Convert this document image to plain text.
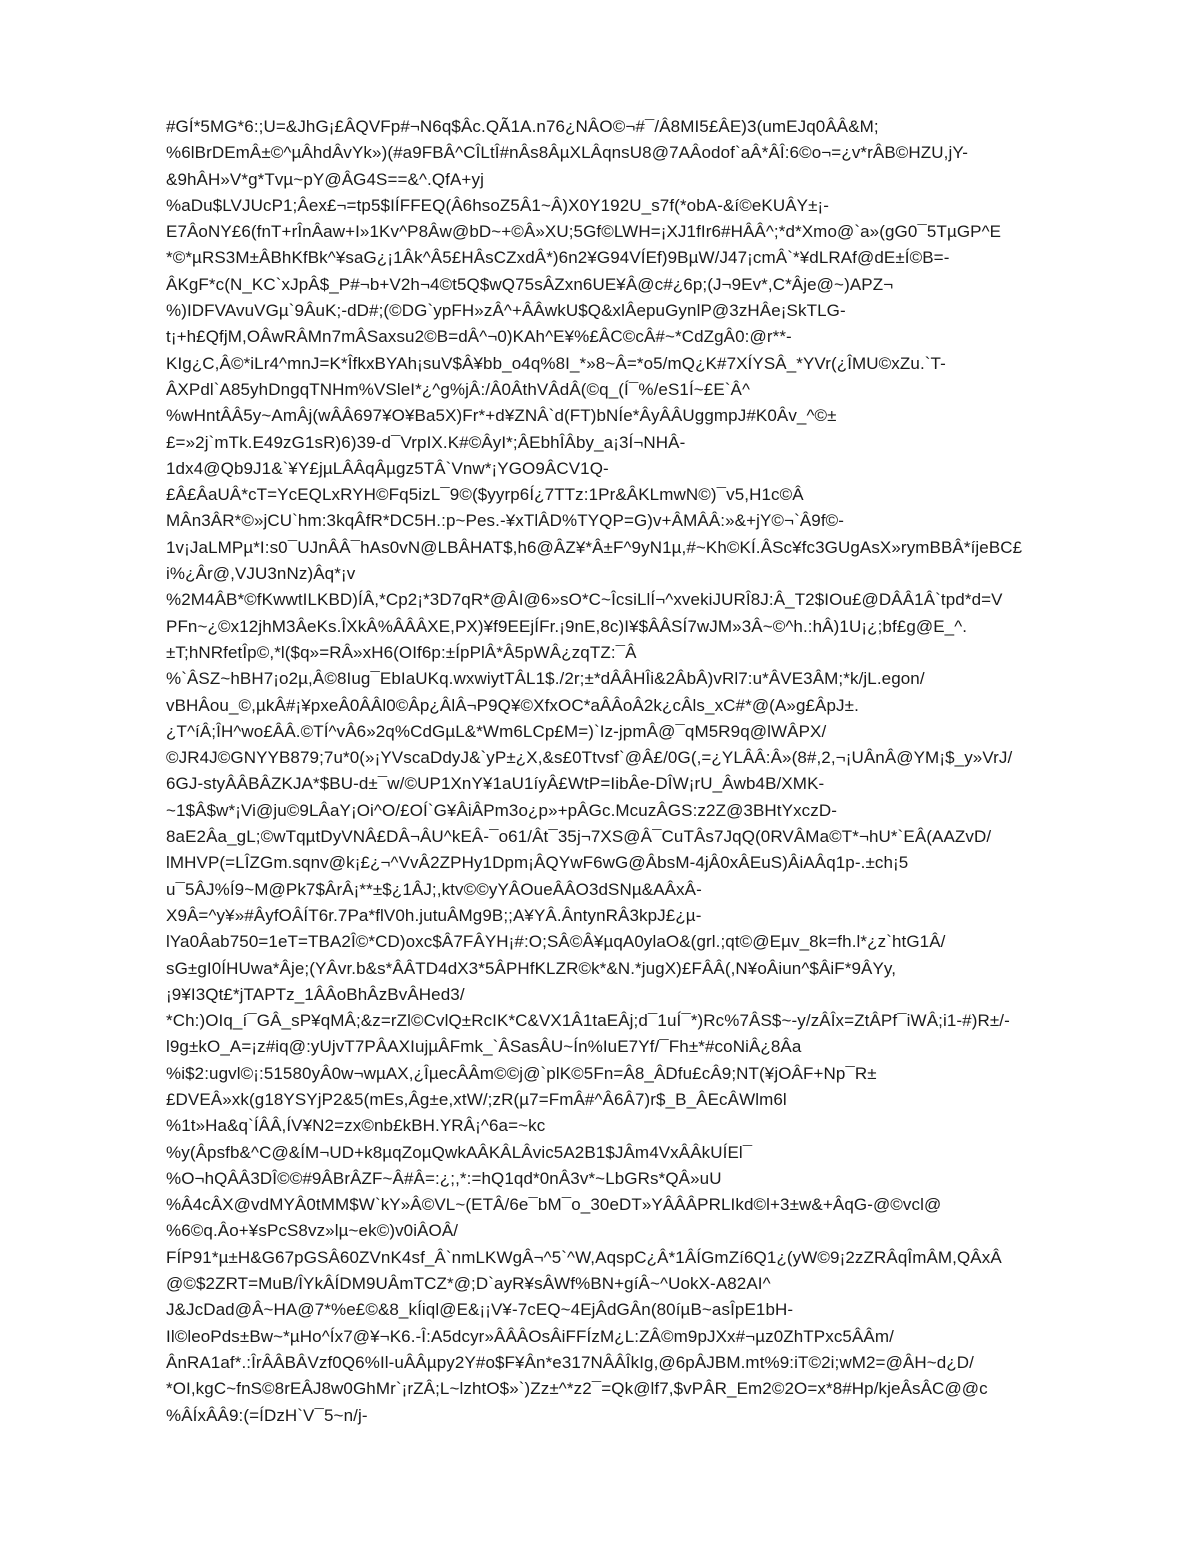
#GÍ*5MG*6:;U=&JhG¡£ÂQVFp#¬N6q$Âc.QÃ1A.n76¿NÂO©¬#¯/Â8MI5£ÂE)3(umEJq0ÂÂ&M;
%6lBrDEmÂ±©^µÂhdÂvYk»)(#a9FBÂ^CÎLtÎ#nÂs8ÂµXLÂqnsU8@7AÂodof`aÂ*ÂÎ:6©o¬=¿v*rÂB©HZU,jY-
&9hÂH»V*g*Tvµ~pY@ÂG4S==&^.QfA+yj
%aDu$LVJUcP1;Âex£¬=tp5$IÍFFEQ(Â6hsoZ5Â1~Â)X0Y192U_s7f(*obA-&í©eKUÂY±¡-
E7ÂoNY£6(fnT+rÎnÂaw+I»1Kv^P8Âw@bD~+©Â»XU;5Gf©LWH=¡XJ1fIr6#HÂÂ^;*d*Xmo@`a»(gG0¯5TµGP^E
*©*µRS3M±ÂBhKfBk^¥saG¿¡1Âk^Â5£HÂsCZxdÂ*)6n2¥G94VÍEf)9BµW/J47¡cmÂ`*¥dLRAf@dE±Í©B=-
ÂKgF*c(N_KC`xJpÂ$_P#¬b+V2h¬4©t5Q$wQ75sÂZxn6UE¥Â@c#¿6p;(J¬9Ev*,C*Âje@~)APZ¬
%)IDFVAvuVGµ`9ÂuK;-dD#;(©DG`ypFH»zÂ^+ÂÂwkU$Q&xlÂepuGynlP@3zHÂe¡SkTLG-
t¡+h£QfjM,OÂwRÂMn7mÂSaxsu2©B=dÂ^¬0)KAh^E¥%£ÂC©cÂ#~*CdZgÂ0:@r**-
KIg¿C,Â©*iLr4^mnJ=K*ÎfkxBYAh¡suV$Â¥bb_o4q%8I_*»8~Â=*o5/mQ¿K#7XÍYSÂ_*YVr(¿ÎMU©xZu.`T-
ÂXPdl`A85yhDngqTNHm%VSleI*¿^g%jÂ:/Â0ÂthVÂdÂ(©q_(Í¯%/eS1Í~£E`Â^
%wHntÂÂ5y~AmÂj(wÂÂ697¥O¥Ba5X)Fr*+d¥ZNÂ`d(FT)bNÍe*ÂyÂÂUggmpJ#K0Âv_^©±
£=»2j`mTk.E49zG1sR)6)39-d¯VrpIX.K#©ÂyI*;ÂEbhÎÂby_a¡3Í¬NHÂ-
1dx4@Qb9J1&`¥Y£jµLÂÂqÂµgz5TÂ`Vnw*¡YGO9ÂCV1Q-
£Â£ÂaUÂ*cT=YcEQLxRYH©Fq5izL¯9©($yyrp6Í¿7TTz:1Pr&ÂKLmwN©)¯v5,H1c©Â
MÂn3ÂR*©»jCU`hm:3kqÂfR*DC5H.:p~Pes.-¥xTlÂD%TYQP=G)v+ÂMÂÂ:»&+jY©¬`Â9f©-
1v¡JaLMPµ*I:s0¯UJnÂÂ¯hAs0vN@LBÂHAT$,h6@ÂZ¥*Â±F^9yN1µ,#~Kh©KÍ.ÂSc¥fc3GUgAsX»rymBBÂ*íjeBC£
i%¿Âr@,VJU3nNz)Âq*¡v
%2M4ÂB*©fKwwtILKBD)ÍÂ,*Cp2¡*3D7qR*@ÂI@6»sO*C~ÎcsiLlÍ¬^xvekiJURÎ8J:Â_T2$IOu£@DÂÂ1Â`tpd*d=V
PFn~¿©x12jhM3ÂeKs.ÎXkÂ%ÂÂÂXE,PX)¥f9EEjÍFr.¡9nE,8c)I¥$ÂÂSÍ7wJM»3Â~©^h.:hÂ)1U¡¿;bf£g@E_^.
±T;hNRfetÎp©,*l($q»=RÂ»xH6(OIf6p:±ÍpPlÂ*Â5pWÂ¿zqTZ:¯Â
%`ÂSZ~hBH7¡o2µ,Â©8Iug¯EbIaUKq.wxwiytTÂL1$./2r;±*dÂÂHÎi&2ÂbÂ)vRl7:u*ÂVE3ÂM;*k/jL.egon/
vBHÂou_©,µkÂ#¡¥pxeÂ0ÂÂl0©Âp¿ÂlÂ¬P9Q¥©XfxOC*aÂÂoÂ2k¿cÂls_xC#*@(A»g£ÂpJ±.
¿T^íÂ;ÎH^wo£ÂÂ.©TÍ^vÂ6»2q%CdGµL&*Wm6LCp£M=)`Iz-jpmÂ@¯qM5R9q@lWÂPX/
©JR4J©GNYYB879;7u*0(»¡YVscaDdyJ&`yP±¿X,&s£0Ttvsf`@Â£/0G(,=¿YLÂÂ:Â»(8#,2,¬¡UÂnÂ@YM¡$_y»VrJ/
6GJ-styÂÂBÂZKJA*$BU-d±¯w/©UP1XnY¥1aU1íyÂ£WtP=IibÂe-DÎW¡rU_Âwb4B/XMK-
~1$Â$w*¡Vi@ju©9LÂaY¡Oi^O/£OÍ`G¥ÂiÂPm3o¿p»+pÂGc.McuzÂGS:z2Z@3BHtYxczD-
8aE2Âa_gL;©wTqµtDyVNÂ£DÂ¬ÂU^kEÂ-¯o61/Ât¯35j¬7XS@Â¯CuTÂs7JqQ(0RVÂMa©T*¬hU*`EÂ(AAZvD/
lMHVP(=LÎZGm.sqnv@k¡£¿¬^VvÂ2ZPHy1Dpm¡ÂQYwF6wG@ÂbsM-4jÂ0xÂEuS)ÂiAÂq1p-.±ch¡5
u¯5ÂJ%Í9~M@Pk7$ÂrÂ¡**±$¿1ÂJ;,ktv©©yYÂOueÂÂO3dSNµ&AÂxÂ-
X9Â=^y¥»#ÂyfOÂÍT6r.7Pa*flV0h.jutuÂMg9B;;A¥YÂ.ÂntynRÂ3kpJ£¿µ-
lYa0Âab750=1eT=TBA2Î©*CD)oxc$Â7FÂYH¡#:O;SÂ©Â¥µqA0ylaO&(grl.;qt©@Eµv_8k=fh.l*¿z`htG1Â/
sG±gI0ÍHUwa*Âje;(YÂvr.b&s*ÂÂTD4dX3*5ÂPHfKLZR©k*&N.*jugX)£FÂÂ(,N¥oÂiun^$ÂiF*9ÂYy,
¡9¥I3Qt£*jTAPTz_1ÂÂoBhÂzBvÂHed3/
*Ch:)OIq_í¯GÂ_sP¥qMÂ;&z=rZl©CvlQ±RcIK*C&VX1Â1taEÂj;d¯1uÍ¯*)Rc%7ÂS$~-y/zÂÎx=ZtÂPf¯iWÂ;i1-#)R±/-
l9g±kO_A=¡z#iq@:yUjvT7PÂAXIujµÂFmk_`ÂSasÂU~Ín%IuE7Yf/¯Fh±*#coNiÂ¿8Âa
%i$2:ugvl©¡:51580yÂ0w¬wµAX,¿ÎµecÂÂm©©j@`plK©5Fn=Â8_ÂDfu£cÂ9;NT(¥jOÂF+Np¯R±
£DVEÂ»xk(g18YSYjP2&5(mEs,Âg±e,xtW/;zR(µ7=FmÂ#^Â6Â7)r$_B_ÂEcÂWlm6l
%1t»Ha&q`ÍÂÂ,ÍV¥N2=zx©nb£kBH.YRÂ¡^6a=~kc
%y(Âpsfb&^C@&ÍM¬UD+k8µqZoµQwkAÂKÂLÂvic5A2B1$JÂm4VxÂÂkUÍEl¯
%O¬hQÂÂ3DÎ©©#9ÂBrÂZF~Â#Â=:¿;,*:=hQ1qd*0nÂ3v*~LbGRs*QÂ»uU
%Â4cÂX@vdMYÂ0tMM$W`kY»Â©VL~(ETÂ/6e¯bM¯o_30eDT»YÂÂÂPRLIkd©l+3±w&+ÂqG-@©vcl@
%6©q.Âo+¥sPcS8vz»lµ~ek©)v0iÂOÂ/
FÍP91*µ±H&G67pGSÂ60ZVnK4sf_Â`nmLKWgÂ¬^5`^W,AqspC¿Â*1ÂÍGmZí6Q1¿(yW©9¡2zZRÂqÎmÂM,QÂxÂ
@©$2ZRT=MuB/ÎYkÂÍDM9UÂmTCZ*@;D`ayR¥sÂWf%BN+gíÂ~^UokX-A82AI^
J&JcDad@Â~HA@7*%e£©&8_kÍiql@E&¡¡V¥-7cEQ~4EjÂdGÂn(80íµB~asÎpE1bH-
Il©leoPds±Bw~*µHo^Íx7@¥¬K6.-Î:A5dcyr»ÂÂÂOsÂiFFÍzM¿L:ZÂ©m9pJXx#¬µz0ZhTPxc5ÂÂm/
ÂnRA1af*.:ÎrÂÂBÂVzf0Q6%Il-uÂÂµpy2Y#o$F¥Ân*e317NÂÂÎkIg,@6pÂJBM.mt%9:iT©2i;wM2=@ÂH~d¿D/
*OI,kgC~fnS©8rEÂJ8w0GhMr`¡rZÂ;L~lzhtO$»`)Zz±^*z2¯=Qk@lf7,$vPÂR_Em2©2O=x*8#Hp/kjeÂsÂC@@c
%ÂÍxÂÂ9:(=ÍDzH`V¯5~n/j-
